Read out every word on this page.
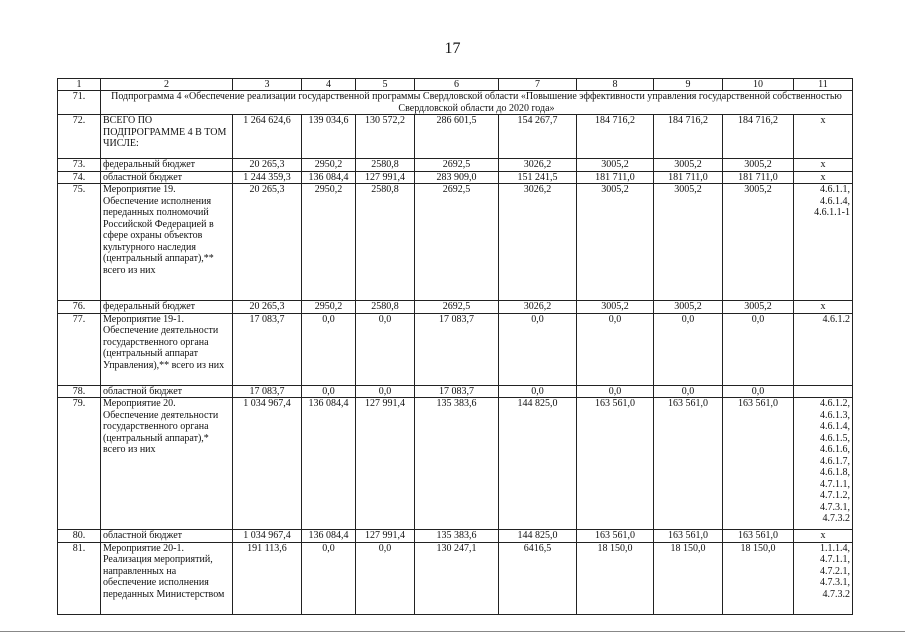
17
1	2	3	4	5	6	7	8	9	10	11
71.	Подпрограмма 4 «Обеспечение реализации государственной программы Свердловской области «Повышение эффективности управления государственной собственностью Свердловской области до 2020 года»									
72.	ВСЕГО ПО ПОДПРОГРАММЕ 4 В ТОМ ЧИСЛЕ:	1 264 624,6	139 034,6	130 572,2	286 601,5	154 267,7	184 716,2	184 716,2	184 716,2	x
73.	федеральный бюджет	20 265,3	2950,2	2580,8	2692,5	3026,2	3005,2	3005,2	3005,2	x
74.	областной бюджет	1 244 359,3	136 084,4	127 991,4	283 909,0	151 241,5	181 711,0	181 711,0	181 711,0	x
75.	Мероприятие 19. Обеспечение исполнения переданных полномочий Российской Федерацией в сфере охраны объектов культурного наследия (центральный аппарат),** всего из них	20 265,3	2950,2	2580,8	2692,5	3026,2	3005,2	3005,2	3005,2	4.6.1.1, 4.6.1.4, 4.6.1.1-1
76.	федеральный бюджет	20 265,3	2950,2	2580,8	2692,5	3026,2	3005,2	3005,2	3005,2	x
77.	Мероприятие 19-1. Обеспечение деятельности государственного органа (центральный аппарат Управления),** всего из них	17 083,7	0,0	0,0	17 083,7	0,0	0,0	0,0	0,0	4.6.1.2
78.	областной бюджет	17 083,7	0,0	0,0	17 083,7	0,0	0,0	0,0	0,0	
79.	Мероприятие 20. Обеспечение деятельности государственного органа (центральный аппарат),* всего из них	1 034 967,4	136 084,4	127 991,4	135 383,6	144 825,0	163 561,0	163 561,0	163 561,0	4.6.1.2, 4.6.1.3, 4.6.1.4, 4.6.1.5, 4.6.1.6, 4.6.1.7, 4.6.1.8, 4.7.1.1, 4.7.1.2, 4.7.3.1, 4.7.3.2
80.	областной бюджет	1 034 967,4	136 084,4	127 991,4	135 383,6	144 825,0	163 561,0	163 561,0	163 561,0	x
81.	Мероприятие 20-1. Реализация мероприятий, направленных на обеспечение исполнения переданных Министерством	191 113,6	0,0	0,0	130 247,1	6416,5	18 150,0	18 150,0	18 150,0	1.1.1.4, 4.7.1.1, 4.7.2.1, 4.7.3.1, 4.7.3.2
